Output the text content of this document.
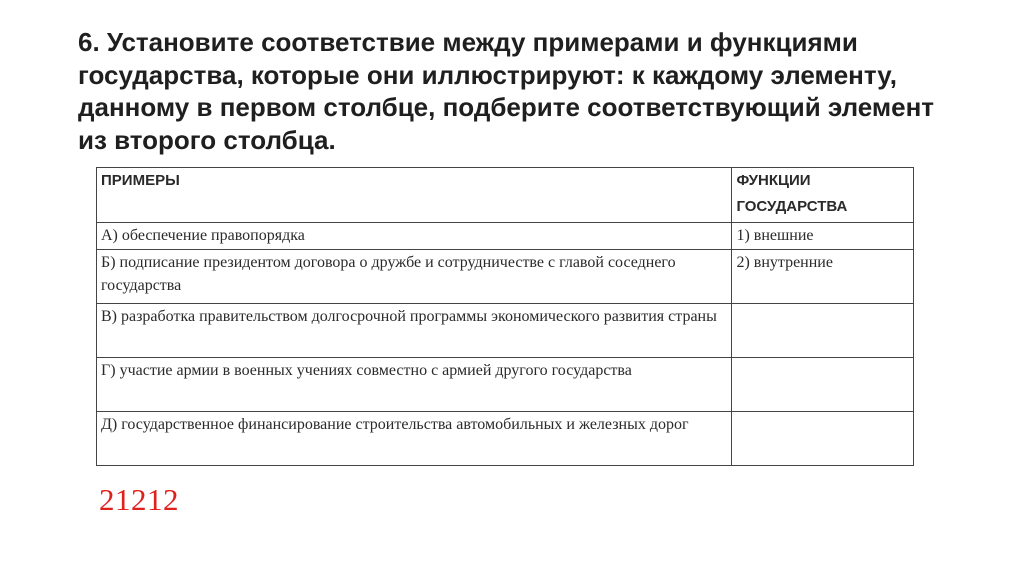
6. Установите соответствие между примерами и функциями государства, которые они иллюстрируют: к каждому элементу, данному в первом столбце, подберите соответствующий элемент из второго столбца.

ПРИМЕРЫ	ФУНКЦИИ ГОСУДАРСТВА
А) обеспечение правопорядка	1) внешние
Б) подписание президентом договора о дружбе и сотрудничестве с главой соседнего государства	2) внутренние
В) разработка правительством долгосрочной программы экономического развития страны	
Г) участие армии в военных учениях совместно с армией другого государства	
Д) государственное финансирование строительства автомобильных и железных дорог	
21212
